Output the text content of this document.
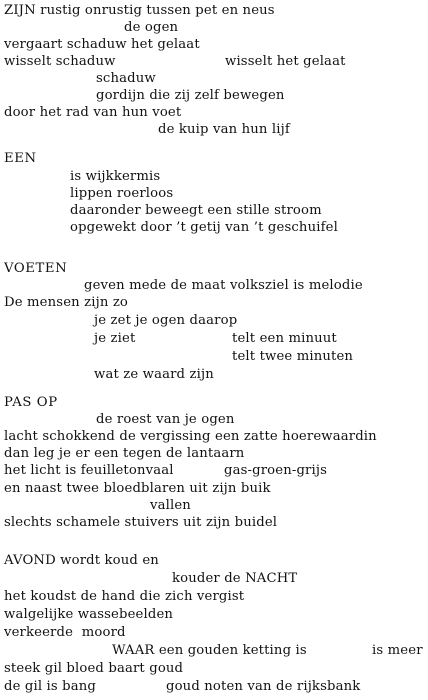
ZIJN rustig onrustig tussen pet en neus
de ogen
vergaart schaduw het gelaat
wisselt schaduw	wisselt het gelaat
schaduw
gordijn die zij zelf bewegen
door het rad van hun voet
de kuip van hun lijf
EEN
is wijkkermis
lippen roerloos
daaronder beweegt een stille stroom
opgewekt door ’t getij van ’t geschuifel
VOETEN
geven mede de maat volksziel is melodie
De mensen zijn zo
je zet je ogen daarop
je ziet	telt een minuut
telt twee minuten
wat ze waard zijn
PAS OP
de roest van je ogen
lacht schokkend de vergissing een zatte hoerewaardin
dan leg je er een tegen de lantaarn
het licht is feuilletonvaal	gas-groen-grijs
en naast twee bloedblaren uit zijn buik
vallen
slechts schamele stuivers uit zijn buidel
AVOND wordt koud en
kouder de NACHT
het koudst de hand die zich vergist
walgelijke wassebeelden
verkeerde  moord
WAAR een gouden ketting is	is meer
steek gil bloed baart goud
de gil is bang	goud noten van de rijksbank
